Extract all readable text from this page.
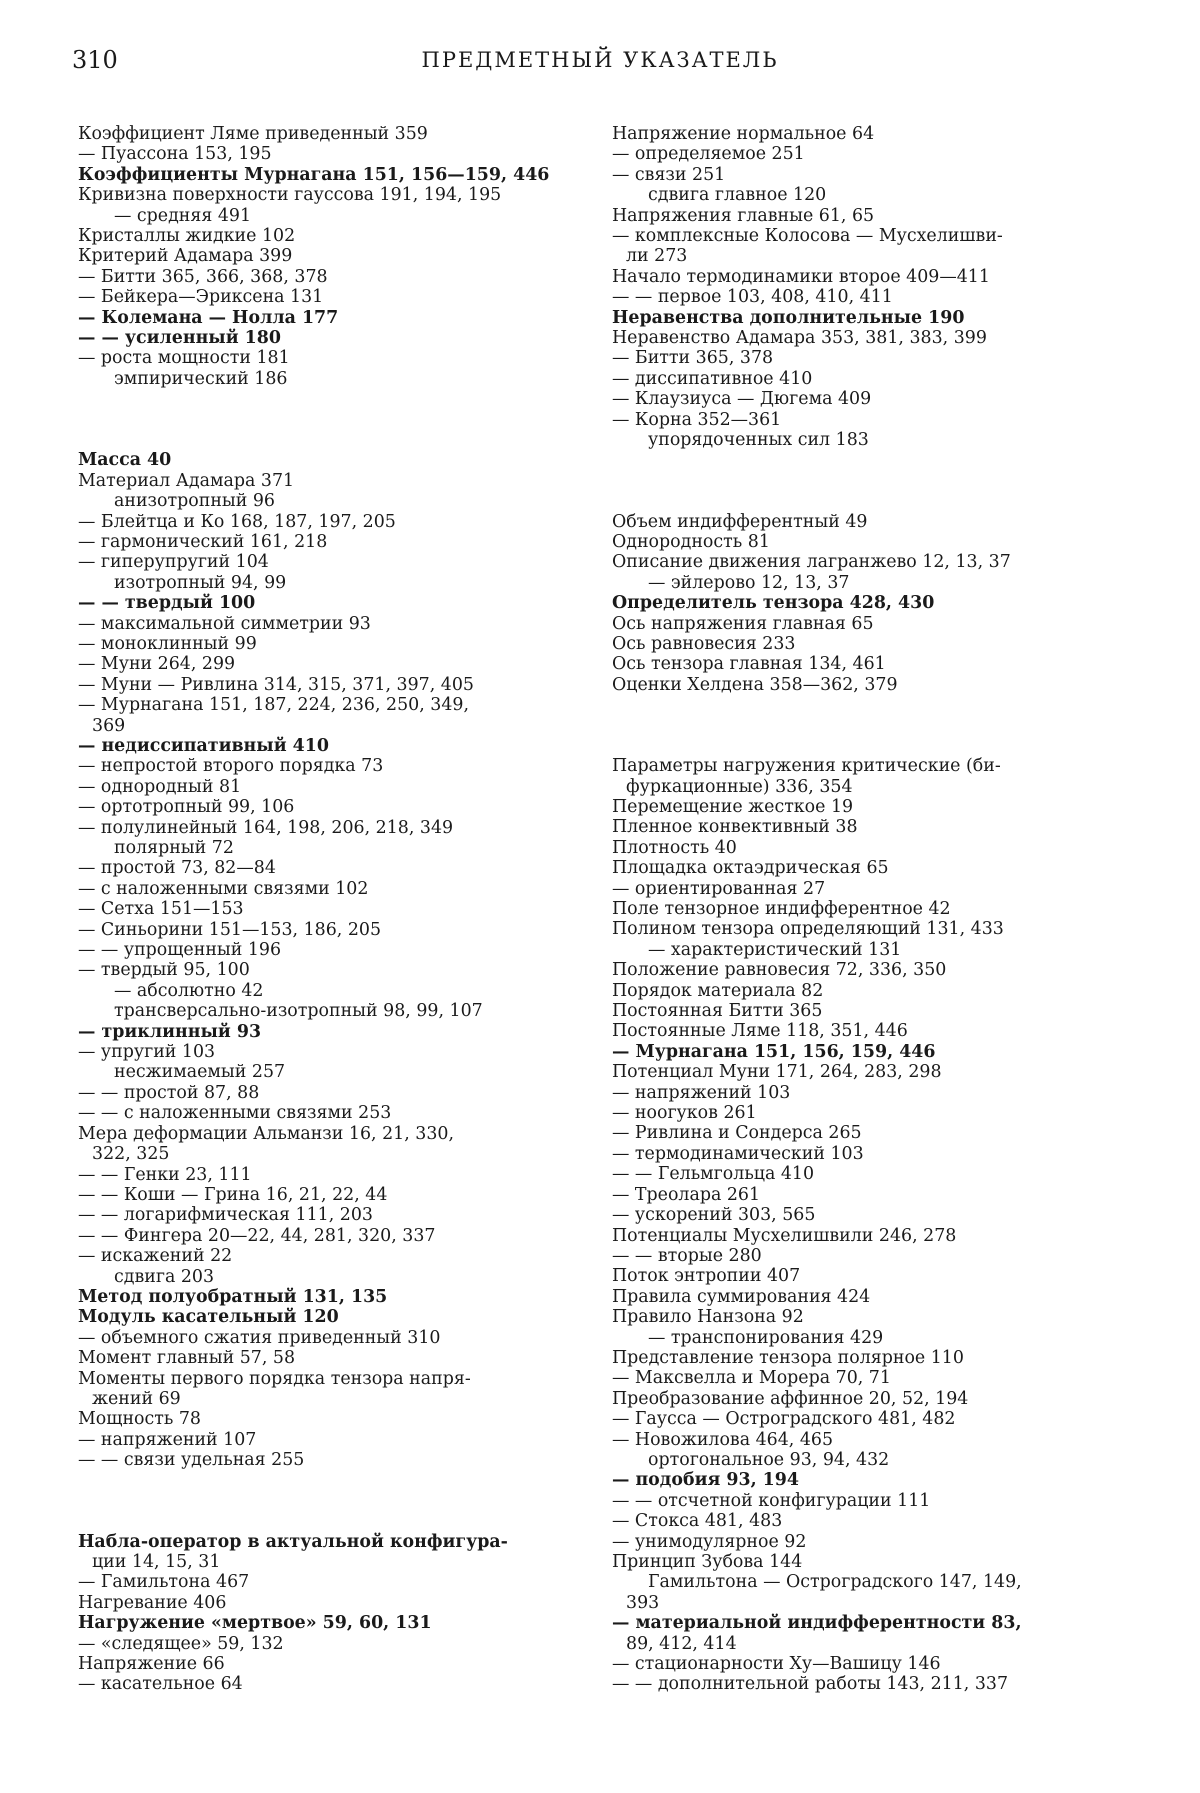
310	ПРЕДМЕТНЫЙ УКАЗАТЕЛЬ
Коэффициент Ляме приведенный 359
— Пуассона 153, 195
Коэффициенты Мурнагана 151, 156—159, 446
Кривизна поверхности гауссова 191, 194, 195
— средняя 491
Кристаллы жидкие 102
Критерий Адамара 399
— Битти 365, 366, 368, 378
— Бейкера—Эриксена 131
— Колемана — Нолла 177
— — усиленный 180
— роста мощности 181
эмпирический 186
Масса 40
Материал Адамара 371
анизотропный 96
— Блейтца и Ко 168, 187, 197, 205
— гармонический 161, 218
— гиперупругий 104
изотропный 94, 99
— — твердый 100
— максимальной симметрии 93
— моноклинный 99
— Муни 264, 299
— Муни — Ривлина 314, 315, 371, 397, 405
— Мурнагана 151, 187, 224, 236, 250, 349,
369
— недиссипативный 410
— непростой второго порядка 73
— однородный 81
— ортотропный 99, 106
— полулинейный 164, 198, 206, 218, 349
полярный 72
— простой 73, 82—84
— с наложенными связями 102
— Сетха 151—153
— Синьорини 151—153, 186, 205
— — упрощенный 196
— твердый 95, 100
— абсолютно 42
трансверсально-изотропный 98, 99, 107
— триклинный 93
— упругий 103
несжимаемый 257
— — простой 87, 88
— — с наложенными связями 253
Мера деформации Альманзи 16, 21, 330,
322, 325
— — Генки 23, 111
— — Коши — Грина 16, 21, 22, 44
— — логарифмическая 111, 203
— — Фингера 20—22, 44, 281, 320, 337
— искажений 22
сдвига 203
Метод полуобратный 131, 135
Модуль касательный 120
— объемного сжатия приведенный 310
Момент главный 57, 58
Моменты первого порядка тензора напря-
жений 69
Мощность 78
— напряжений 107
— — связи удельная 255
Набла-оператор в актуальной конфигура-
ции 14, 15, 31
— Гамильтона 467
Нагревание 406
Нагружение «мертвое» 59, 60, 131
— «следящее» 59, 132
Напряжение 66
— касательное 64
Напряжение нормальное 64
— определяемое 251
— связи 251
сдвига главное 120
Напряжения главные 61, 65
— комплексные Колосова — Мусхелишви-
ли 273
Начало термодинамики второе 409—411
— — первое 103, 408, 410, 411
Неравенства дополнительные 190
Неравенство Адамара 353, 381, 383, 399
— Битти 365, 378
— диссипативное 410
— Клаузиуса — Дюгема 409
— Корна 352—361
упорядоченных сил 183
Объем индифферентный 49
Однородность 81
Описание движения лагранжево 12, 13, 37
— эйлерово 12, 13, 37
Определитель тензора 428, 430
Ось напряжения главная 65
Ось равновесия 233
Ось тензора главная 134, 461
Оценки Хелдена 358—362, 379
Параметры нагружения критические (би-
фуркационные) 336, 354
Перемещение жесткое 19
Пленное конвективный 38
Плотность 40
Площадка октаэдрическая 65
— ориентированная 27
Поле тензорное индифферентное 42
Полином тензора определяющий 131, 433
— характеристический 131
Положение равновесия 72, 336, 350
Порядок материала 82
Постоянная Битти 365
Постоянные Ляме 118, 351, 446
— Мурнагана 151, 156, 159, 446
Потенциал Муни 171, 264, 283, 298
— напряжений 103
— ноогуков 261
— Ривлина и Сондерса 265
— термодинамический 103
— — Гельмгольца 410
— Треолара 261
— ускорений 303, 565
Потенциалы Мусхелишвили 246, 278
— — вторые 280
Поток энтропии 407
Правила суммирования 424
Правило Нанзона 92
— транспонирования 429
Представление тензора полярное 110
— Максвелла и Морера 70, 71
Преобразование аффинное 20, 52, 194
— Гаусса — Остроградского 481, 482
— Новожилова 464, 465
ортогональное 93, 94, 432
— подобия 93, 194
— — отсчетной конфигурации 111
— Стокса 481, 483
— унимодулярное 92
Принцип Зубова 144
Гамильтона — Остроградского 147, 149,
393
— материальной индифферентности 83,
89, 412, 414
— стационарности Ху—Вашицу 146
— — дополнительной работы 143, 211, 337
